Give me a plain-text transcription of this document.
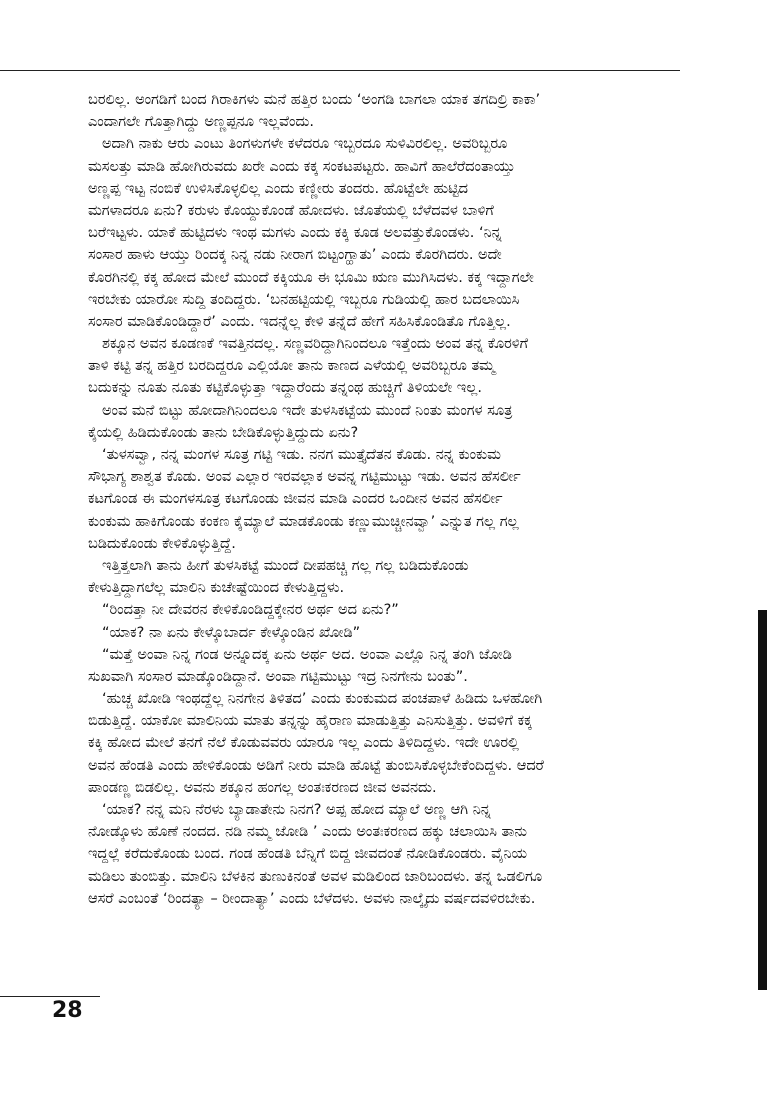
ಬರಲಿಲ್ಲ. ಅಂಗಡಿಗೆ ಬಂದ ಗಿರಾಕಿಗಳು ಮನೆ ಹತ್ತಿರ ಬಂದು ‘ಅಂಗಡಿ ಬಾಗಲಾ ಯಾಕ ತಗದಿಲ್ರಿ ಕಾಕಾ’
ಎಂದಾಗಲೇ ಗೊತ್ತಾಗಿದ್ದು ಅಣ್ಣಪ್ಪನೂ ಇಲ್ಲವೆಂದು.
ಅದಾಗಿ ನಾಕು ಆರು ಎಂಟು ತಿಂಗಳುಗಳೇ ಕಳೆದರೂ ಇಬ್ಬರದೂ ಸುಳಿವಿರಲಿಲ್ಲ. ಅವರಿಬ್ಬರೂ
ಮಸಲತ್ತು ಮಾಡಿ ಹೋಗಿರುವದು ಖರೇ ಎಂದು ಕಕ್ಕ ಸಂಕಟಪಟ್ಟರು. ಹಾವಿಗೆ ಹಾಲೆರೆದಂತಾಯ್ತು
ಅಣ್ಣಪ್ಪ ಇಟ್ಟ ನಂಬಿಕೆ ಉಳಿಸಿಕೊಳ್ಳಲಿಲ್ಲ ಎಂದು ಕಣ್ಣೀರು ತಂದರು. ಹೊಟ್ಟೆಲೇ ಹುಟ್ಟಿದ
ಮಗಳಾದರೂ ಏನು? ಕರುಳು ಕೊಯ್ದುಕೊಂಡೆ ಹೋದಳು. ಜೊತೆಯಲ್ಲಿ ಬೆಳೆದವಳ ಬಾಳಿಗೆ
ಬರೆಇಟ್ಟಳು. ಯಾಕೆ ಹುಟ್ಟಿದಳು ಇಂಥ ಮಗಳು ಎಂದು ಕಕ್ಕಿ ಕೂಡ ಅಲವತ್ತುಕೊಂಡಳು. ‘ನಿನ್ನ
ಸಂಸಾರ ಹಾಳು ಆಯ್ತು ರಿಂದಕ್ಕ ನಿನ್ನ ನಡು ನೀರಾಗ ಬಿಟ್ಟಂಗ್ಹಾತು’ ಎಂದು ಕೊರಗಿದರು. ಅದೇ
ಕೊರಗಿನಲ್ಲಿ ಕಕ್ಕ ಹೋದ ಮೇಲೆ ಮುಂದೆ ಕಕ್ಕಿಯೂ ಈ ಭೂಮಿ ಋಣ ಮುಗಿಸಿದಳು. ಕಕ್ಕ ಇದ್ದಾಗಲೇ
ಇರಬೇಕು ಯಾರೋ ಸುದ್ದಿ ತಂದಿದ್ದರು. ‘ಬನಹಟ್ಟಿಯಲ್ಲಿ ಇಬ್ಬರೂ ಗುಡಿಯಲ್ಲಿ ಹಾರ ಬದಲಾಯಿಸಿ
ಸಂಸಾರ ಮಾಡಿಕೊಂಡಿದ್ದಾರೆ’ ಎಂದು. ಇದನ್ನೆಲ್ಲ ಕೇಳಿ ತನ್ನೆದೆ ಹೇಗೆ ಸಹಿಸಿಕೊಂಡಿತೊ ಗೊತ್ತಿಲ್ಲ.
ಶಕ್ಕೂನ ಅವನ ಕೂಡಣಕೆ ಇವತ್ತಿನದಲ್ಲ. ಸಣ್ಣವರಿದ್ದಾಗಿನಿಂದಲೂ ಇತ್ತೆಂದು ಅಂವ ತನ್ನ ಕೊರಳಿಗೆ
ತಾಳಿ ಕಟ್ಟಿ ತನ್ನ ಹತ್ತಿರ ಬರದಿದ್ದರೂ ಎಲ್ಲಿಯೋ ತಾನು ಕಾಣದ ಎಳೆಯಲ್ಲಿ ಅವರಿಬ್ಬರೂ ತಮ್ಮ
ಬದುಕನ್ನು ನೂತು ನೂತು ಕಟ್ಟಿಕೊಳ್ಳುತ್ತಾ ಇದ್ದಾರೆಂದು ತನ್ನಂಥ ಹುಚ್ಚಿಗೆ ತಿಳಿಯಲೇ ಇಲ್ಲ.
ಅಂವ ಮನೆ ಬಿಟ್ಟು ಹೋದಾಗಿನಿಂದಲೂ ಇದೇ ತುಳಸಿಕಟ್ಟೆಯ ಮುಂದೆ ನಿಂತು ಮಂಗಳ ಸೂತ್ರ
ಕೈಯಲ್ಲಿ ಹಿಡಿದುಕೊಂಡು ತಾನು ಬೇಡಿಕೊಳ್ಳುತ್ತಿದ್ದುದು ಏನು?
‘ತುಳಸವ್ವಾ, ನನ್ನ ಮಂಗಳ ಸೂತ್ರ ಗಟ್ಟಿ ಇಡು. ನನಗ ಮುತ್ತೈದೆತನ ಕೊಡು. ನನ್ನ ಕುಂಕುಮ
ಸೌಭಾಗ್ಯ ಶಾಶ್ವತ ಕೊಡು. ಅಂವ ಎಲ್ಲಾರ ಇರವಲ್ಲಾಕ ಅವನ್ನ ಗಟ್ಟಿಮುಟ್ಟು ಇಡು. ಅವನ ಹೆಸರ್ಲೀ
ಕಟಗೊಂಡ ಈ ಮಂಗಳಸೂತ್ರ ಕಟಗೊಂಡು ಜೀವನ ಮಾಡಿ ಎಂದರ ಒಂದೀನ ಅವನ ಹೆಸರ್ಲೀ
ಕುಂಕುಮ ಹಾಕಿಗೊಂಡು ಕಂಕಣ ಕೈಮ್ಯಾಲೆ ಮಾಡಕೊಂಡು ಕಣ್ಣುಮುಚ್ಚೀನವ್ವಾ’ ಎನ್ನುತ ಗಲ್ಲ ಗಲ್ಲ
ಬಡಿದುಕೊಂಡು ಕೇಳಿಕೊಳ್ಳುತ್ತಿದ್ದೆ.
ಇತ್ತಿತ್ತಲಾಗಿ ತಾನು ಹೀಗೆ ತುಳಸಿಕಟ್ಟೆ ಮುಂದೆ ದೀಪಹಚ್ಚಿ ಗಲ್ಲ ಗಲ್ಲ ಬಡಿದುಕೊಂಡು
ಕೇಳುತ್ತಿದ್ದಾಗಲೆಲ್ಲ ಮಾಲಿನಿ ಕುಚೇಷ್ಟೆಯಿಂದ ಕೇಳುತ್ತಿದ್ದಳು.
“ರಿಂದತ್ತಾ ನೀ ದೇವರನ ಕೇಳಿಕೊಂಡಿದ್ದಕ್ಕೇನರ ಅರ್ಥ ಅದ ಏನು?”
“ಯಾಕ? ನಾ ಏನು ಕೇಳ್ಕೊಬಾರ್ದ ಕೇಳ್ಕೊಂಡಿನ ಖೋಡಿ”
“ಮತ್ತೆ ಅಂವಾ ನಿನ್ನ ಗಂಡ ಅನ್ನೂದಕ್ಕ ಏನು ಅರ್ಥ ಅದ. ಅಂವಾ ಎಲ್ಲೊ ನಿನ್ನ ತಂಗಿ ಜೋಡಿ
ಸುಖವಾಗಿ ಸಂಸಾರ ಮಾಡ್ಕೊಂಡಿದ್ದಾನೆ. ಅಂವಾ ಗಟ್ಟಿಮುಟ್ಟು ಇದ್ರ ನಿನಗೇನು ಬಂತು”.
‘ಹುಚ್ಚ ಖೋಡಿ ಇಂಥದ್ದೆಲ್ಲ ನಿನಗೇನ ತಿಳಿತದ’ ಎಂದು ಕುಂಕುಮದ ಪಂಚಪಾಳೆ ಹಿಡಿದು ಒಳಹೋಗಿ
ಬಿಡುತ್ತಿದ್ದೆ. ಯಾಕೋ ಮಾಲಿನಿಯ ಮಾತು ತನ್ನನ್ನು ಹೈರಾಣ ಮಾಡುತ್ತಿತ್ತು ಎನಿಸುತ್ತಿತ್ತು. ಅವಳಿಗೆ ಕಕ್ಕ
ಕಕ್ಕಿ ಹೋದ ಮೇಲೆ ತನಗೆ ನೆಲೆ ಕೊಡುವವರು ಯಾರೂ ಇಲ್ಲ ಎಂದು ತಿಳಿದಿದ್ದಳು. ಇದೇ ಊರಲ್ಲಿ
ಅವನ ಹೆಂಡತಿ ಎಂದು ಹೇಳಿಕೊಂಡು ಅಡಿಗೆ ನೀರು ಮಾಡಿ ಹೊಟ್ಟೆ ತುಂಬಿಸಿಕೊಳ್ಳಬೇಕೆಂದಿದ್ದಳು. ಆದರೆ
ಪಾಂಡಣ್ಣ ಬಿಡಲಿಲ್ಲ. ಅವನು ಶಕ್ಕೂನ ಹಂಗಲ್ಲ ಅಂತಃಕರಣದ ಜೀವ ಅವನದು.
‘ಯಾಕ? ನನ್ನ ಮನಿ ನೆರಳು ಬ್ಯಾಡಾತೇನು ನಿನಗ? ಅಪ್ಪ ಹೋದ ಮ್ಯಾಲೆ ಅಣ್ಣ ಆಗಿ ನಿನ್ನ
ನೋಡ್ಕೊಳು ಹೊಣೆ ನಂದದ. ನಡಿ ನಮ್ಮ ಜೋಡಿ ’ ಎಂದು ಅಂತಃಕರಣದ ಹಕ್ಕು ಚಲಾಯಿಸಿ ತಾನು
ಇದ್ದಲ್ಲೆ ಕರೆದುಕೊಂಡು ಬಂದ. ಗಂಡ ಹೆಂಡತಿ ಬೆನ್ನಿಗೆ ಬಿದ್ದ ಜೀವದಂತೆ ನೋಡಿಕೊಂಡರು. ವೈನಿಯ
ಮಡಿಲು ತುಂಬಿತ್ತು. ಮಾಲಿನಿ ಬೆಳಕಿನ ತುಣುಕಿನಂತೆ ಅವಳ ಮಡಿಲಿಂದ ಜಾರಿಬಂದಳು. ತನ್ನ ಒಡಲಿಗೂ
ಆಸರೆ ಎಂಬಂತೆ ‘ರಿಂದತ್ಯಾ – ರೀಂದಾತ್ಯಾ’ ಎಂದು ಬೆಳೆದಳು. ಅವಳು ನಾಲ್ಕೈದು ವರ್ಷದವಳಿರಬೇಕು.
28
